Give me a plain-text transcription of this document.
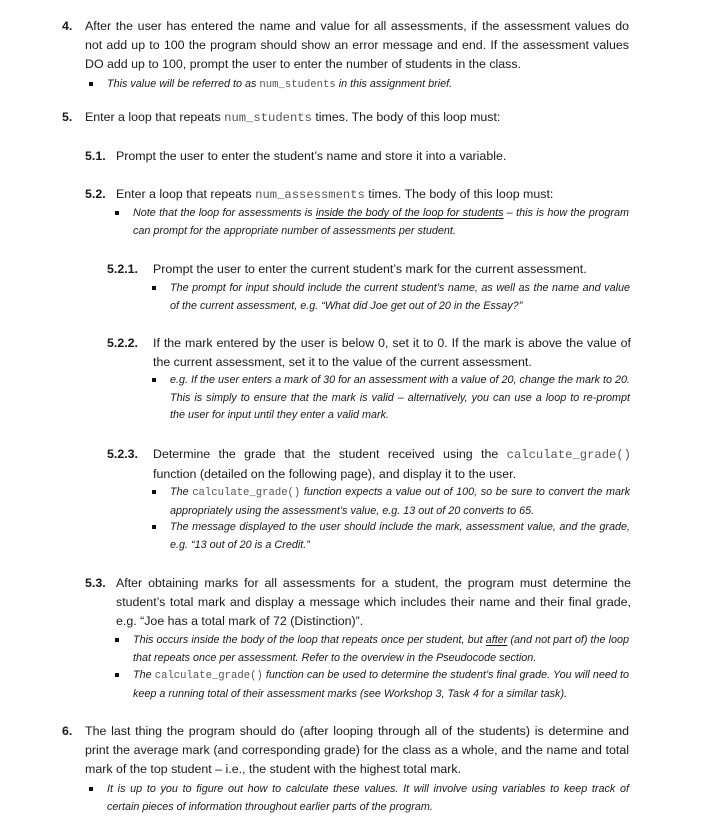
4. After the user has entered the name and value for all assessments, if the assessment values do not add up to 100 the program should show an error message and end. If the assessment values DO add up to 100, prompt the user to enter the number of students in the class.
This value will be referred to as num_students in this assignment brief.
5. Enter a loop that repeats num_students times. The body of this loop must:
5.1. Prompt the user to enter the student’s name and store it into a variable.
5.2. Enter a loop that repeats num_assessments times. The body of this loop must:
Note that the loop for assessments is inside the body of the loop for students – this is how the program can prompt for the appropriate number of assessments per student.
5.2.1. Prompt the user to enter the current student’s mark for the current assessment.
The prompt for input should include the current student’s name, as well as the name and value of the current assessment, e.g. “What did Joe get out of 20 in the Essay?”
5.2.2. If the mark entered by the user is below 0, set it to 0. If the mark is above the value of the current assessment, set it to the value of the current assessment.
e.g. If the user enters a mark of 30 for an assessment with a value of 20, change the mark to 20. This is simply to ensure that the mark is valid – alternatively, you can use a loop to re-prompt the user for input until they enter a valid mark.
5.2.3. Determine the grade that the student received using the calculate_grade() function (detailed on the following page), and display it to the user.
The calculate_grade() function expects a value out of 100, so be sure to convert the mark appropriately using the assessment’s value, e.g. 13 out of 20 converts to 65.
The message displayed to the user should include the mark, assessment value, and the grade, e.g. “13 out of 20 is a Credit.”
5.3. After obtaining marks for all assessments for a student, the program must determine the student’s total mark and display a message which includes their name and their final grade, e.g. “Joe has a total mark of 72 (Distinction)”.
This occurs inside the body of the loop that repeats once per student, but after (and not part of) the loop that repeats once per assessment. Refer to the overview in the Pseudocode section.
The calculate_grade() function can be used to determine the student’s final grade. You will need to keep a running total of their assessment marks (see Workshop 3, Task 4 for a similar task).
6. The last thing the program should do (after looping through all of the students) is determine and print the average mark (and corresponding grade) for the class as a whole, and the name and total mark of the top student – i.e., the student with the highest total mark.
It is up to you to figure out how to calculate these values. It will involve using variables to keep track of certain pieces of information throughout earlier parts of the program.
